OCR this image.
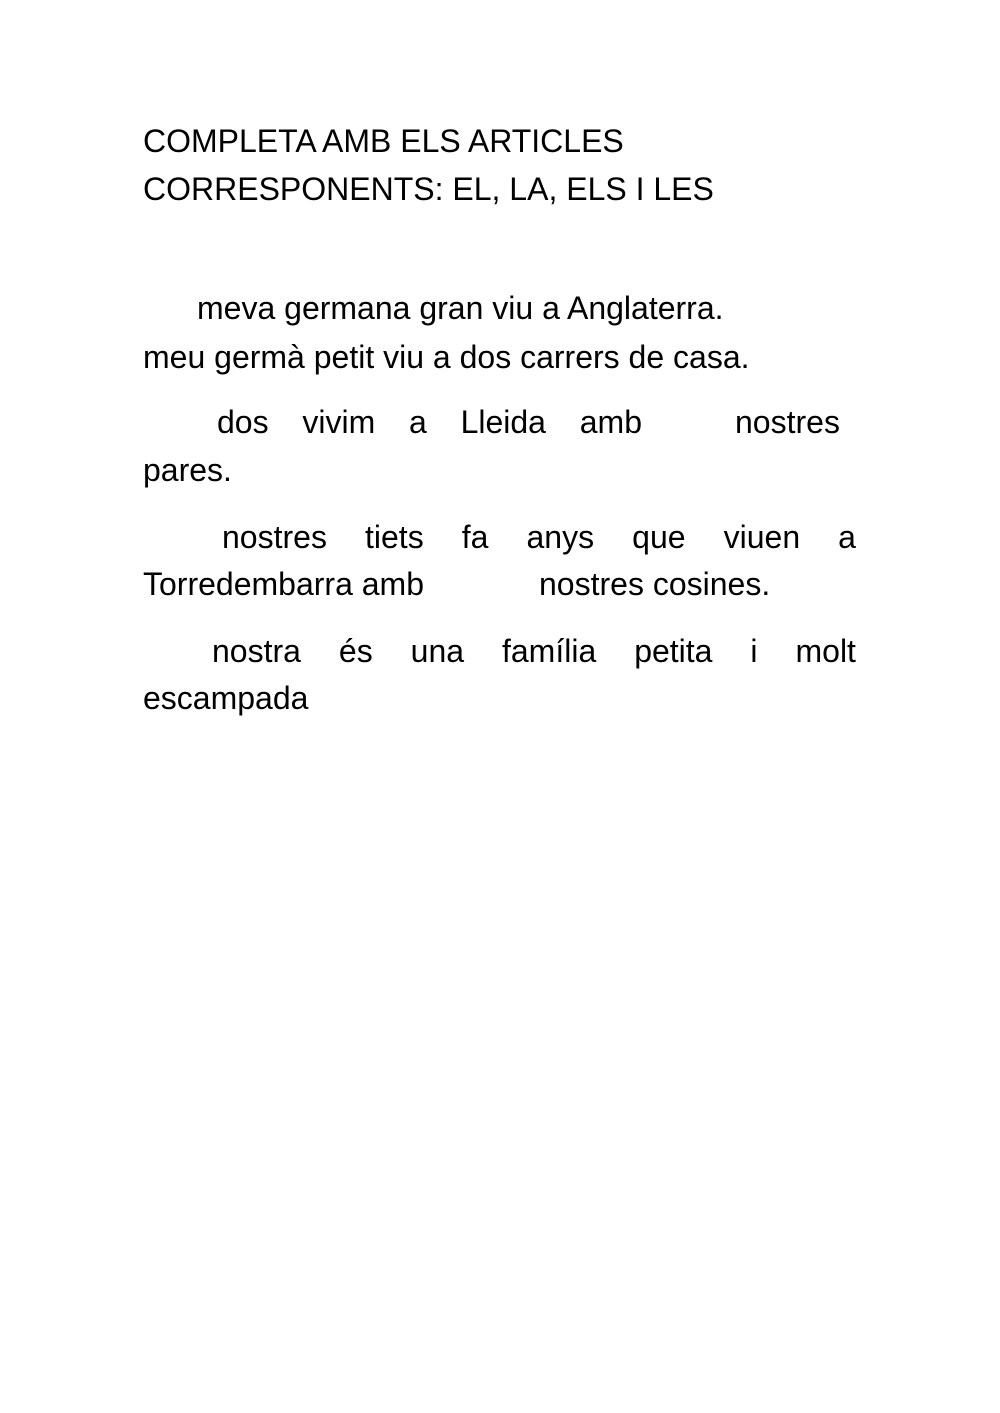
COMPLETA AMB ELS ARTICLES
CORRESPONENTS: EL, LA, ELS I LES
meva germana gran viu a Anglaterra.
meu germà petit viu a dos carrers de casa.
dos vivim a Lleida amb	nostres
pares.
nostres tiets fa anys que viuen a
Torredembarra amb	nostres cosines.
nostra és una família petita i molt
escampada
